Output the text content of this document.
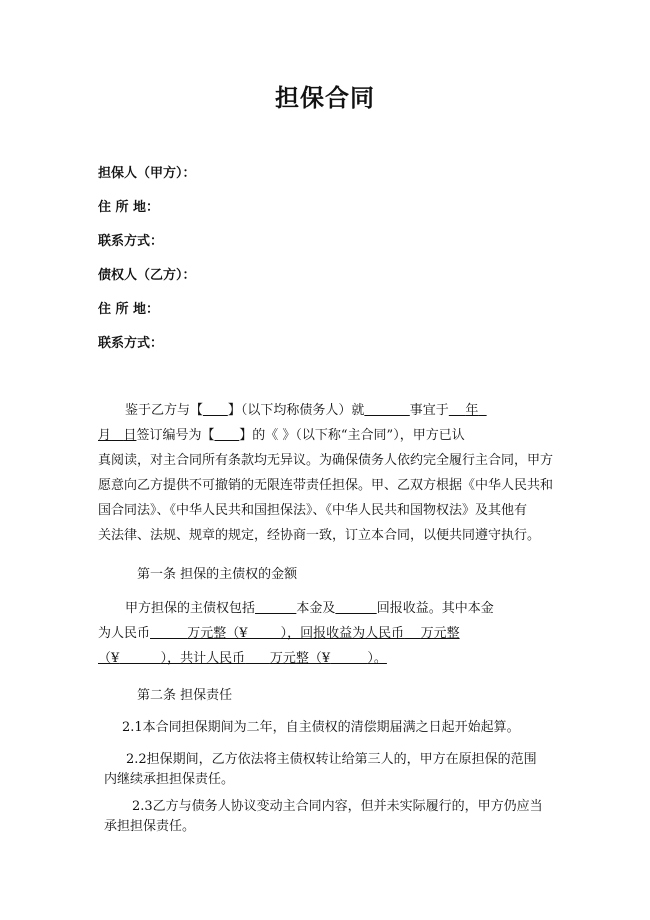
担保合同
担保人（甲方）：
住 所 地：
联系方式：
债权人（乙方）：
住 所 地：
联系方式：
鉴于乙方与【 】（以下均称债务人）就	事宜于 年
月 日签订编号为【 】的《 》（以下称“主合同”），甲方已认
真阅读，对主合同所有条款均无异议。为确保债务人依约完全履行主合同，甲方
愿意向乙方提供不可撤销的无限连带责任担保。甲、乙双方根据《中华人民共和
国合同法》、《中华人民共和国担保法》、《中华人民共和国物权法》及其他有
关法律、法规、规章的规定，经协商一致，订立本合同，以便共同遵守执行。
第一条 担保的主债权的金额
甲方担保的主债权包括	本金及	回报收益。其中本金
为人民币	万元整（¥	），回报收益为人民币 万元整
（¥	），共计人民币 万元整（¥	）。
第二条 担保责任
2.1本合同担保期间为二年，自主债权的清偿期届满之日起开始起算。
2.2担保期间，乙方依法将主债权转让给第三人的，甲方在原担保的范围
内继续承担担保责任。
2.3乙方与债务人协议变动主合同内容，但并未实际履行的，甲方仍应当
承担担保责任。
